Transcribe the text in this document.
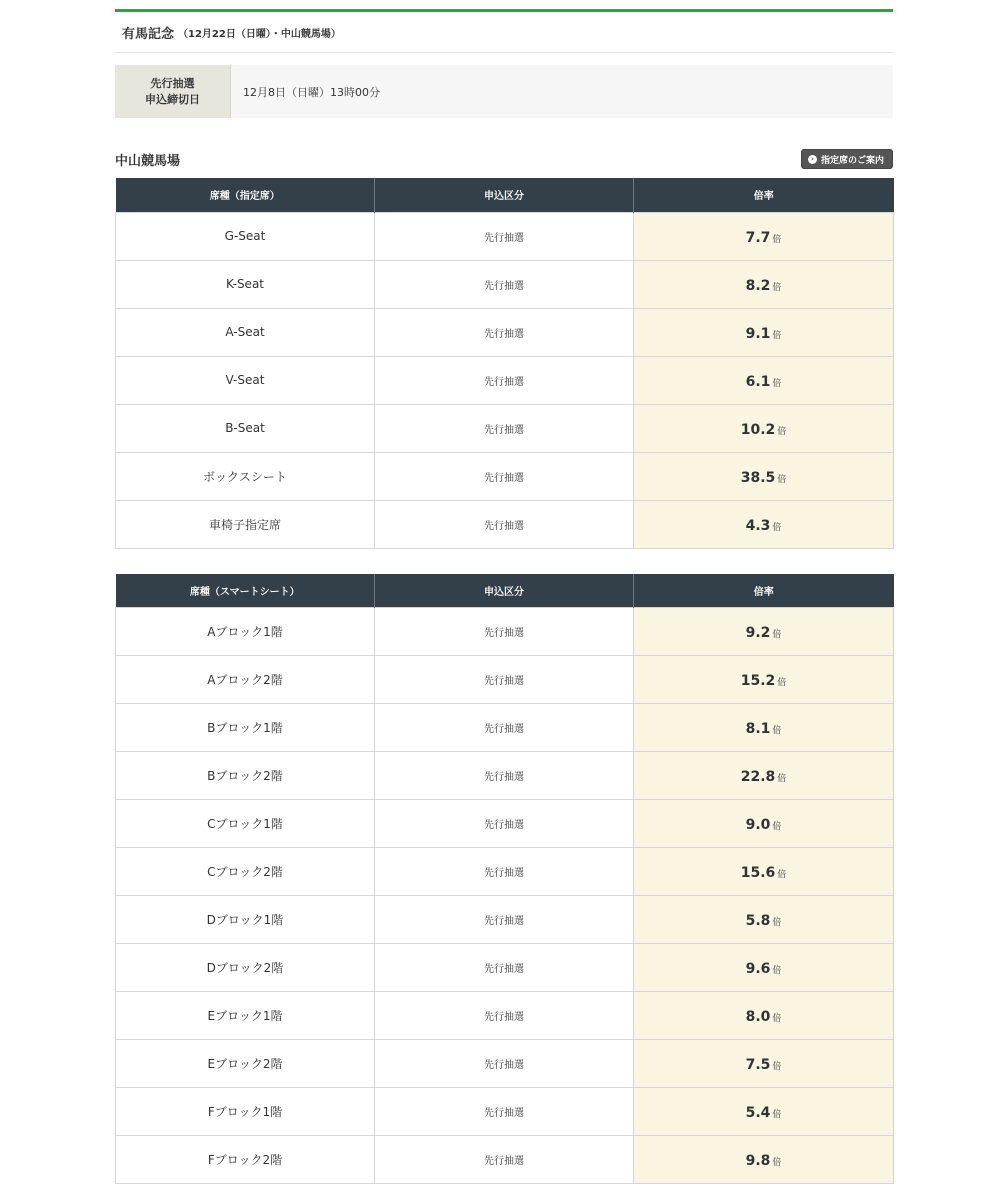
有馬記念 （12月22日（日曜）・中山競馬場）
先行抽選
申込締切日
12月8日（日曜）13時00分
中山競馬場	› 指定席のご案内
席種（指定席）	申込区分	倍率
G-Seat	先行抽選	7.7 倍
K-Seat	先行抽選	8.2 倍
A-Seat	先行抽選	9.1 倍
V-Seat	先行抽選	6.1 倍
B-Seat	先行抽選	10.2 倍
ボックスシート	先行抽選	38.5 倍
車椅子指定席	先行抽選	4.3 倍
席種（スマートシート）	申込区分	倍率
Aブロック1階	先行抽選	9.2 倍
Aブロック2階	先行抽選	15.2 倍
Bブロック1階	先行抽選	8.1 倍
Bブロック2階	先行抽選	22.8 倍
Cブロック1階	先行抽選	9.0 倍
Cブロック2階	先行抽選	15.6 倍
Dブロック1階	先行抽選	5.8 倍
Dブロック2階	先行抽選	9.6 倍
Eブロック1階	先行抽選	8.0 倍
Eブロック2階	先行抽選	7.5 倍
Fブロック1階	先行抽選	5.4 倍
Fブロック2階	先行抽選	9.8 倍
